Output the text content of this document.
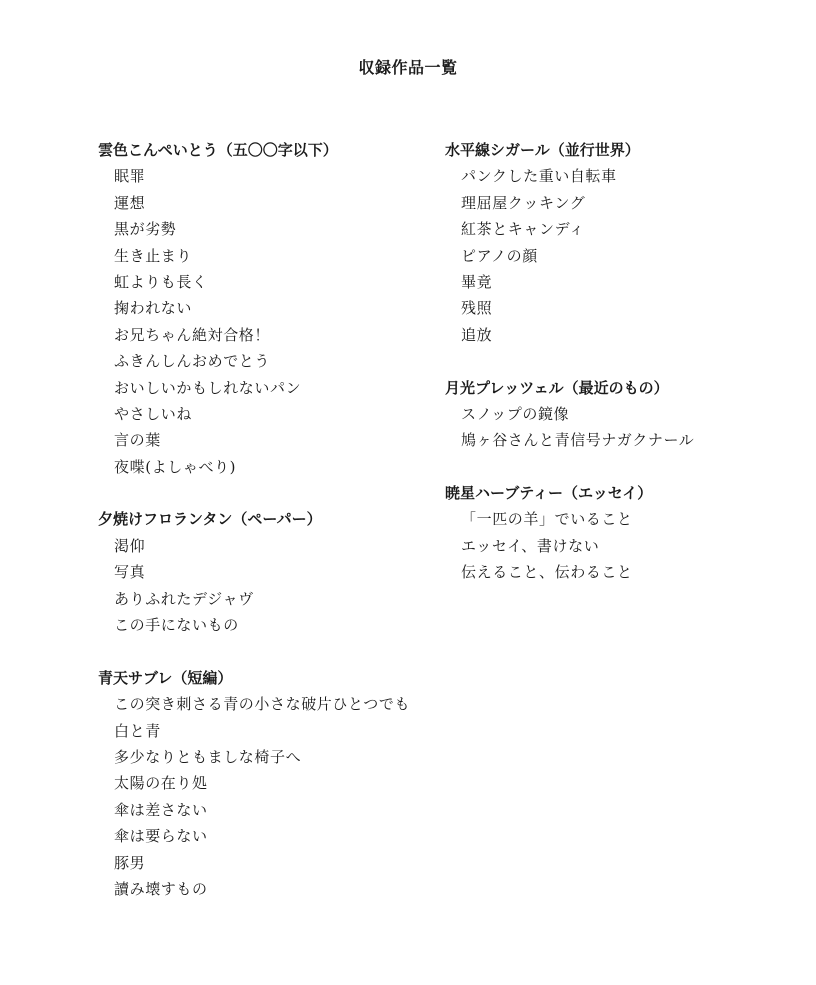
収録作品一覧
雲色こんぺいとう（五〇〇字以下）
眠罪
運想
黒が劣勢
生き止まり
虹よりも長く
掬われない
お兄ちゃん絶対合格！
ふきんしんおめでとう
おいしいかもしれないパン
やさしいね
言の葉
夜喋(よしゃべり)
夕焼けフロランタン（ペーパー）
渇仰
写真
ありふれたデジャヴ
この手にないもの
青天サブレ（短編）
この突き刺さる青の小さな破片ひとつでも
白と青
多少なりともましな椅子へ
太陽の在り処
傘は差さない
傘は要らない
豚男
讀み壊すもの
水平線シガール（並行世界）
パンクした重い自転車
理屈屋クッキング
紅茶とキャンディ
ピアノの顔
畢竟
残照
追放
月光プレッツェル（最近のもの）
スノップの鏡像
鳩ヶ谷さんと青信号ナガクナール
暁星ハーブティー（エッセイ）
「一匹の羊」でいること
エッセイ、書けない
伝えること、伝わること
